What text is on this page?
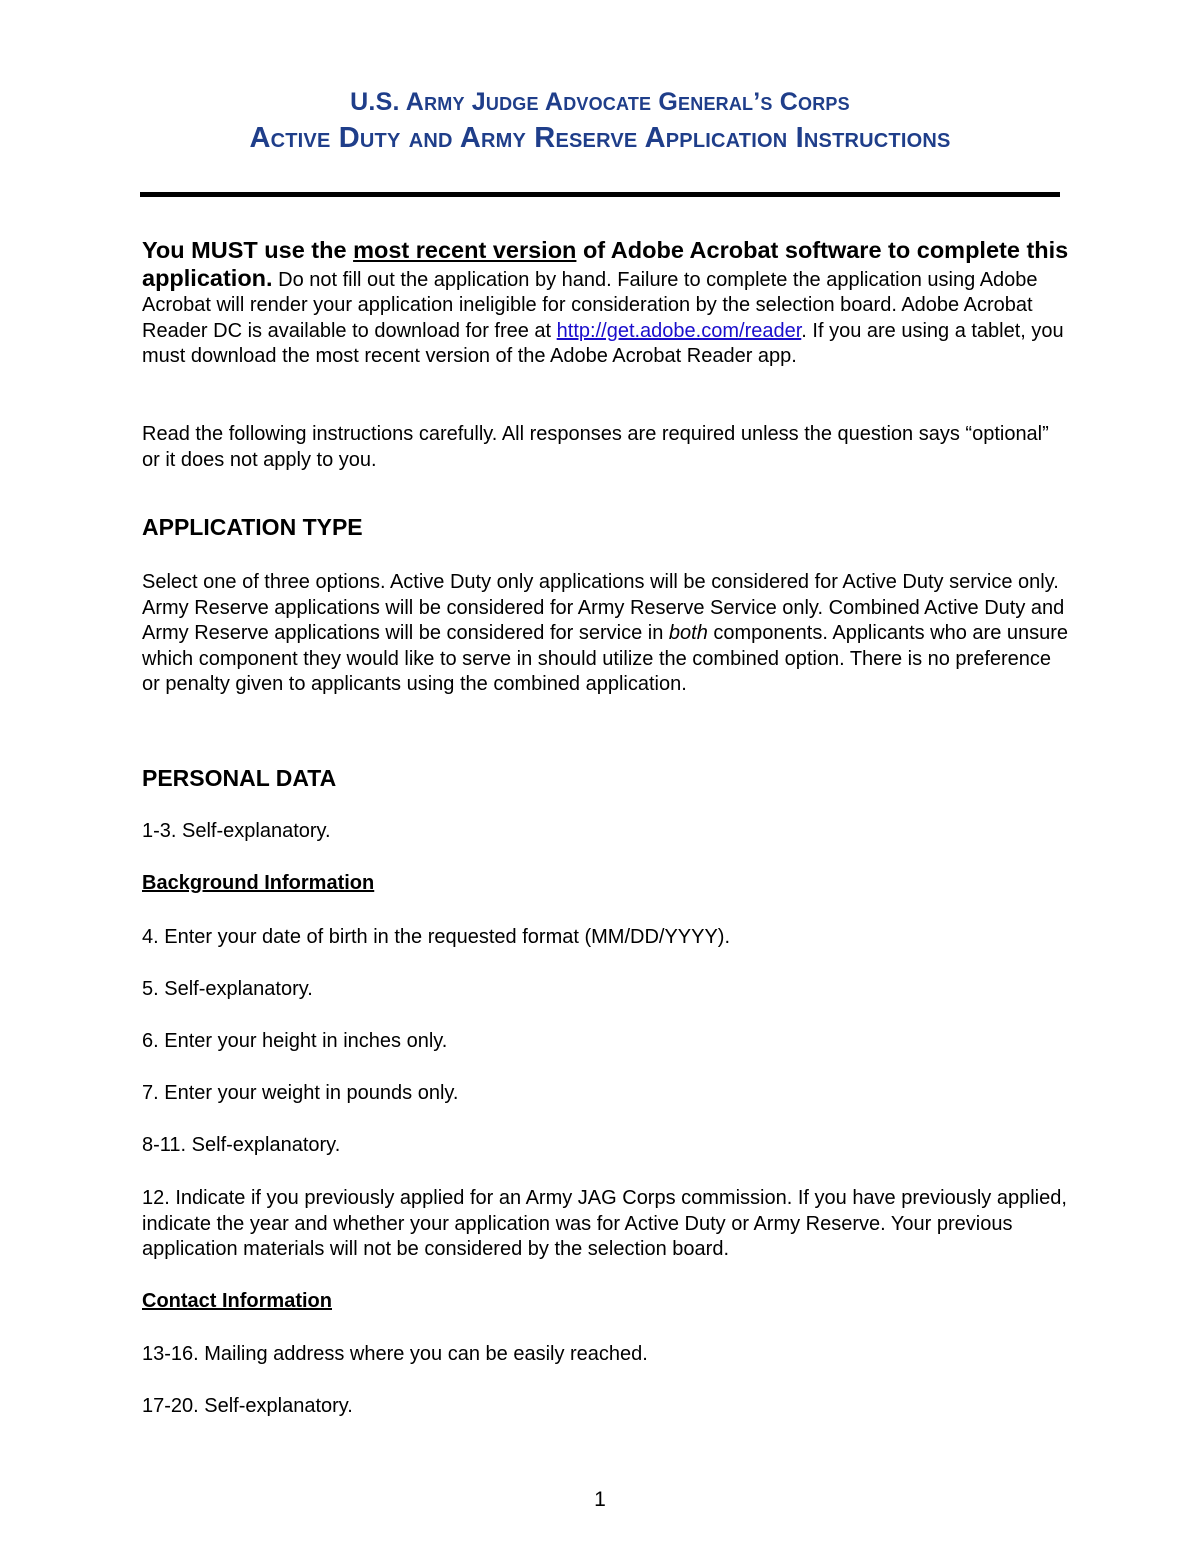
U.S. Army Judge Advocate General’s Corps
Active Duty and Army Reserve Application Instructions
You MUST use the most recent version of Adobe Acrobat software to complete this application. Do not fill out the application by hand. Failure to complete the application using Adobe Acrobat will render your application ineligible for consideration by the selection board. Adobe Acrobat Reader DC is available to download for free at http://get.adobe.com/reader. If you are using a tablet, you must download the most recent version of the Adobe Acrobat Reader app.
Read the following instructions carefully. All responses are required unless the question says “optional” or it does not apply to you.
APPLICATION TYPE
Select one of three options. Active Duty only applications will be considered for Active Duty service only. Army Reserve applications will be considered for Army Reserve Service only. Combined Active Duty and Army Reserve applications will be considered for service in both components. Applicants who are unsure which component they would like to serve in should utilize the combined option. There is no preference or penalty given to applicants using the combined application.
PERSONAL DATA
1-3. Self-explanatory.
Background Information
4. Enter your date of birth in the requested format (MM/DD/YYYY).
5. Self-explanatory.
6. Enter your height in inches only.
7. Enter your weight in pounds only.
8-11. Self-explanatory.
12. Indicate if you previously applied for an Army JAG Corps commission. If you have previously applied, indicate the year and whether your application was for Active Duty or Army Reserve. Your previous application materials will not be considered by the selection board.
Contact Information
13-16. Mailing address where you can be easily reached.
17-20. Self-explanatory.
1
